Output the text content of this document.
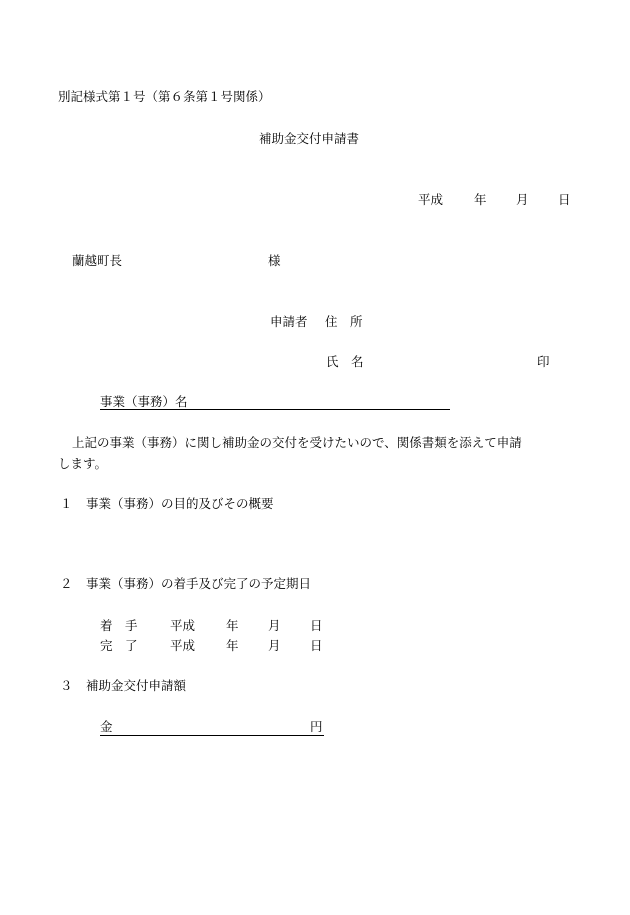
別記様式第１号（第６条第１号関係）
補助金交付申請書
平成 年 月 日
蘭越町長	様
申請者 住　所
氏　名	印
事業（事務）名
上記の事業（事務）に関し補助金の交付を受けたいので、関係書類を添えて申請
します。
１ 事業（事務）の目的及びその概要
２ 事業（事務）の着手及び完了の予定期日
着　手	平成 年 月 日
完　了	平成 年 月 日
３ 補助金交付申請額
金	円
